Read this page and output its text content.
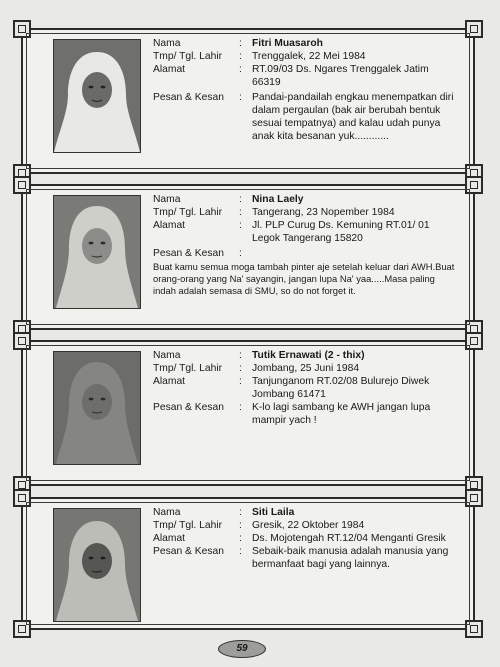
Nama	: Fitri Muasaroh
Tmp/ Tgl. Lahir	: Trenggalek, 22 Mei 1984
Alamat	: RT.09/03 Ds. Ngares Trenggalek Jatim 66319
Pesan & Kesan	: Pandai-pandailah engkau menempatkan diri dalam pergaulan (bak air berubah bentuk sesuai tempatnya) and kalau udah punya anak kita besanan yuk............
Nama	: Nina Laely
Tmp/ Tgl. Lahir	: Tangerang, 23 Nopember 1984
Alamat	: Jl. PLP Curug Ds. Kemuning RT.01/ 01 Legok Tangerang 15820
Pesan & Kesan	:
Buat kamu semua moga tambah pinter aje setelah keluar dari AWH.Buat orang-orang yang Na' sayangin, jangan lupa Na' yaa.....Masa paling indah adalah semasa di SMU, so do not forget it.
Nama	: Tutik Ernawati (2 - thix)
Tmp/ Tgl. Lahir	: Jombang, 25 Juni 1984
Alamat	: Tanjunganom RT.02/08 Bulurejo Diwek Jombang 61471
Pesan & Kesan	: K-lo lagi sambang ke AWH jangan lupa mampir yach !
Nama	: Siti Laila
Tmp/ Tgl. Lahir	: Gresik, 22 Oktober 1984
Alamat	: Ds. Mojotengah RT.12/04 Menganti Gresik
Pesan & Kesan	: Sebaik-baik manusia adalah manusia yang bermanfaat bagi yang lainnya.
59
